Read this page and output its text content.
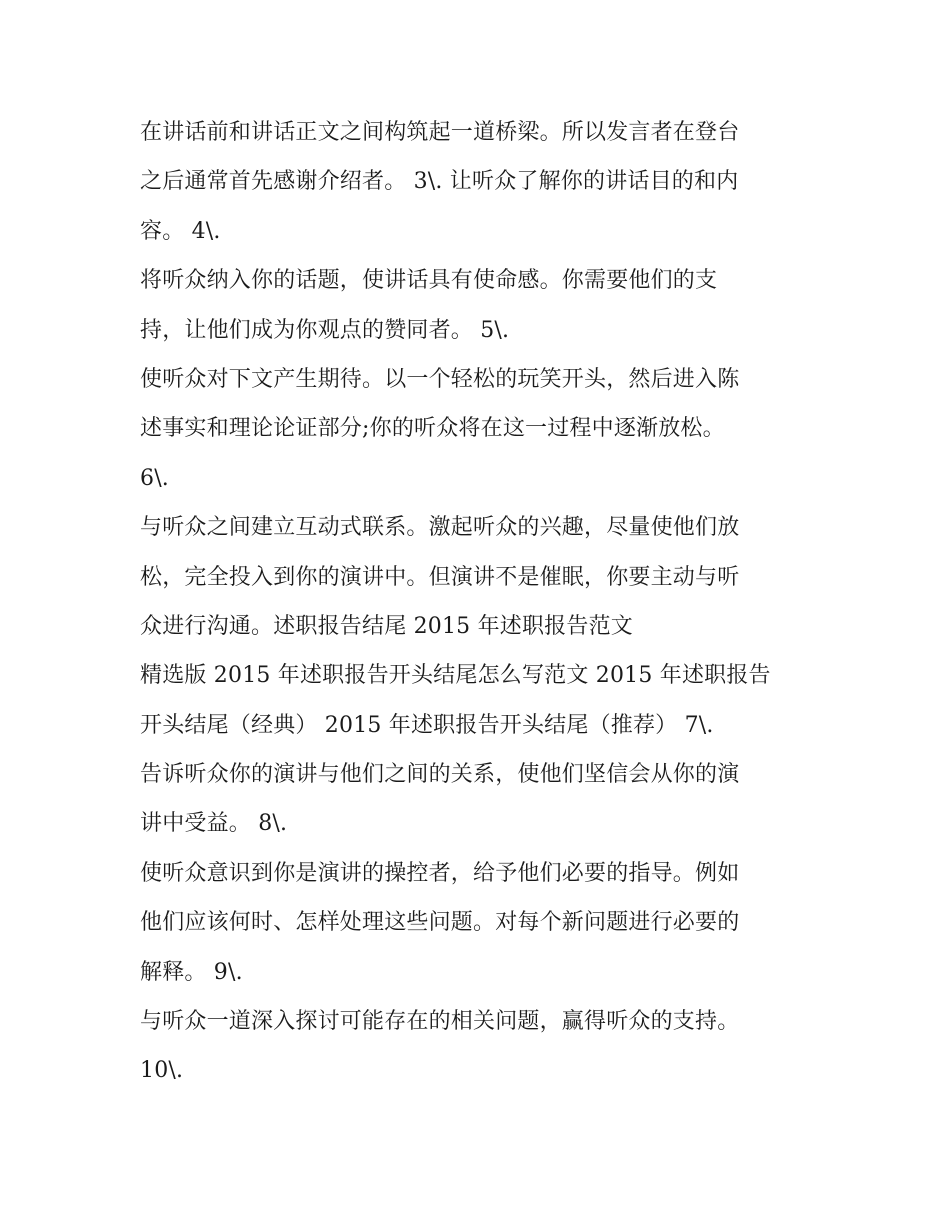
在讲话前和讲话正文之间构筑起一道桥梁。所以发言者在登台
之后通常首先感谢介绍者。 3\. 让听众了解你的讲话目的和内
容。 4\.
将听众纳入你的话题，使讲话具有使命感。你需要他们的支
持，让他们成为你观点的赞同者。 5\.
使听众对下文产生期待。以一个轻松的玩笑开头，然后进入陈
述事实和理论论证部分;你的听众将在这一过程中逐渐放松。
6\.
与听众之间建立互动式联系。激起听众的兴趣，尽量使他们放
松，完全投入到你的演讲中。但演讲不是催眠，你要主动与听
众进行沟通。述职报告结尾 2015 年述职报告范文
精选版 2015 年述职报告开头结尾怎么写范文 2015 年述职报告
开头结尾（经典） 2015 年述职报告开头结尾（推荐） 7\.
告诉听众你的演讲与他们之间的关系，使他们坚信会从你的演
讲中受益。 8\.
使听众意识到你是演讲的操控者，给予他们必要的指导。例如
他们应该何时、怎样处理这些问题。对每个新问题进行必要的
解释。 9\.
与听众一道深入探讨可能存在的相关问题，赢得听众的支持。
10\.
